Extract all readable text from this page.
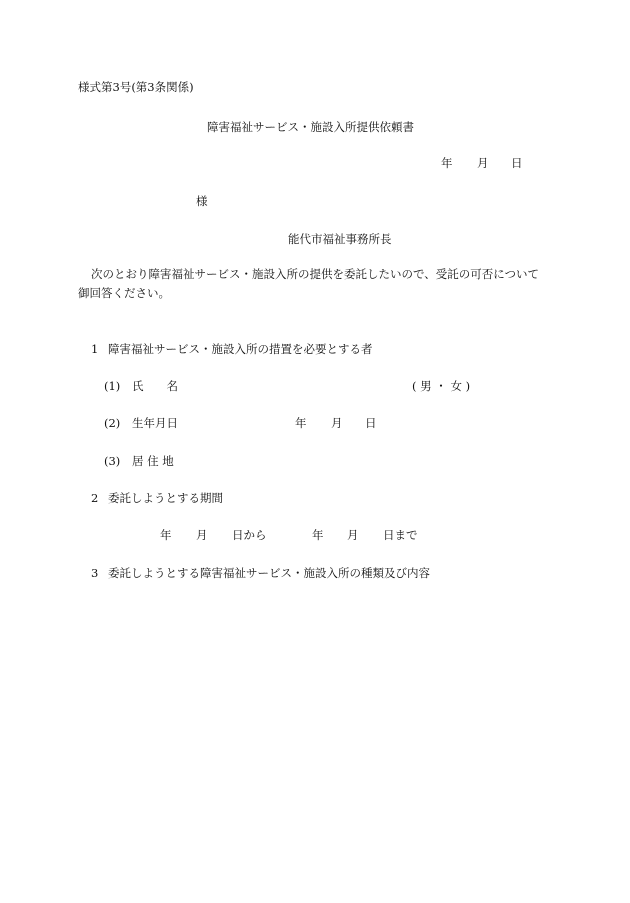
様式第3号(第3条関係)
障害福祉サービス・施設入所提供依頼書
年 月 日
様
能代市福祉事務所長
次のとおり障害福祉サービス・施設入所の提供を委託したいので、受託の可否について
御回答ください。
1 障害福祉サービス・施設入所の措置を必要とする者
(1) 氏　　名	( 男 ・ 女 )
(2) 生年月日	年 月 日
(3) 居 住 地
2 委託しようとする期間
年 月 日から	年 月 日まで
3 委託しようとする障害福祉サービス・施設入所の種類及び内容
